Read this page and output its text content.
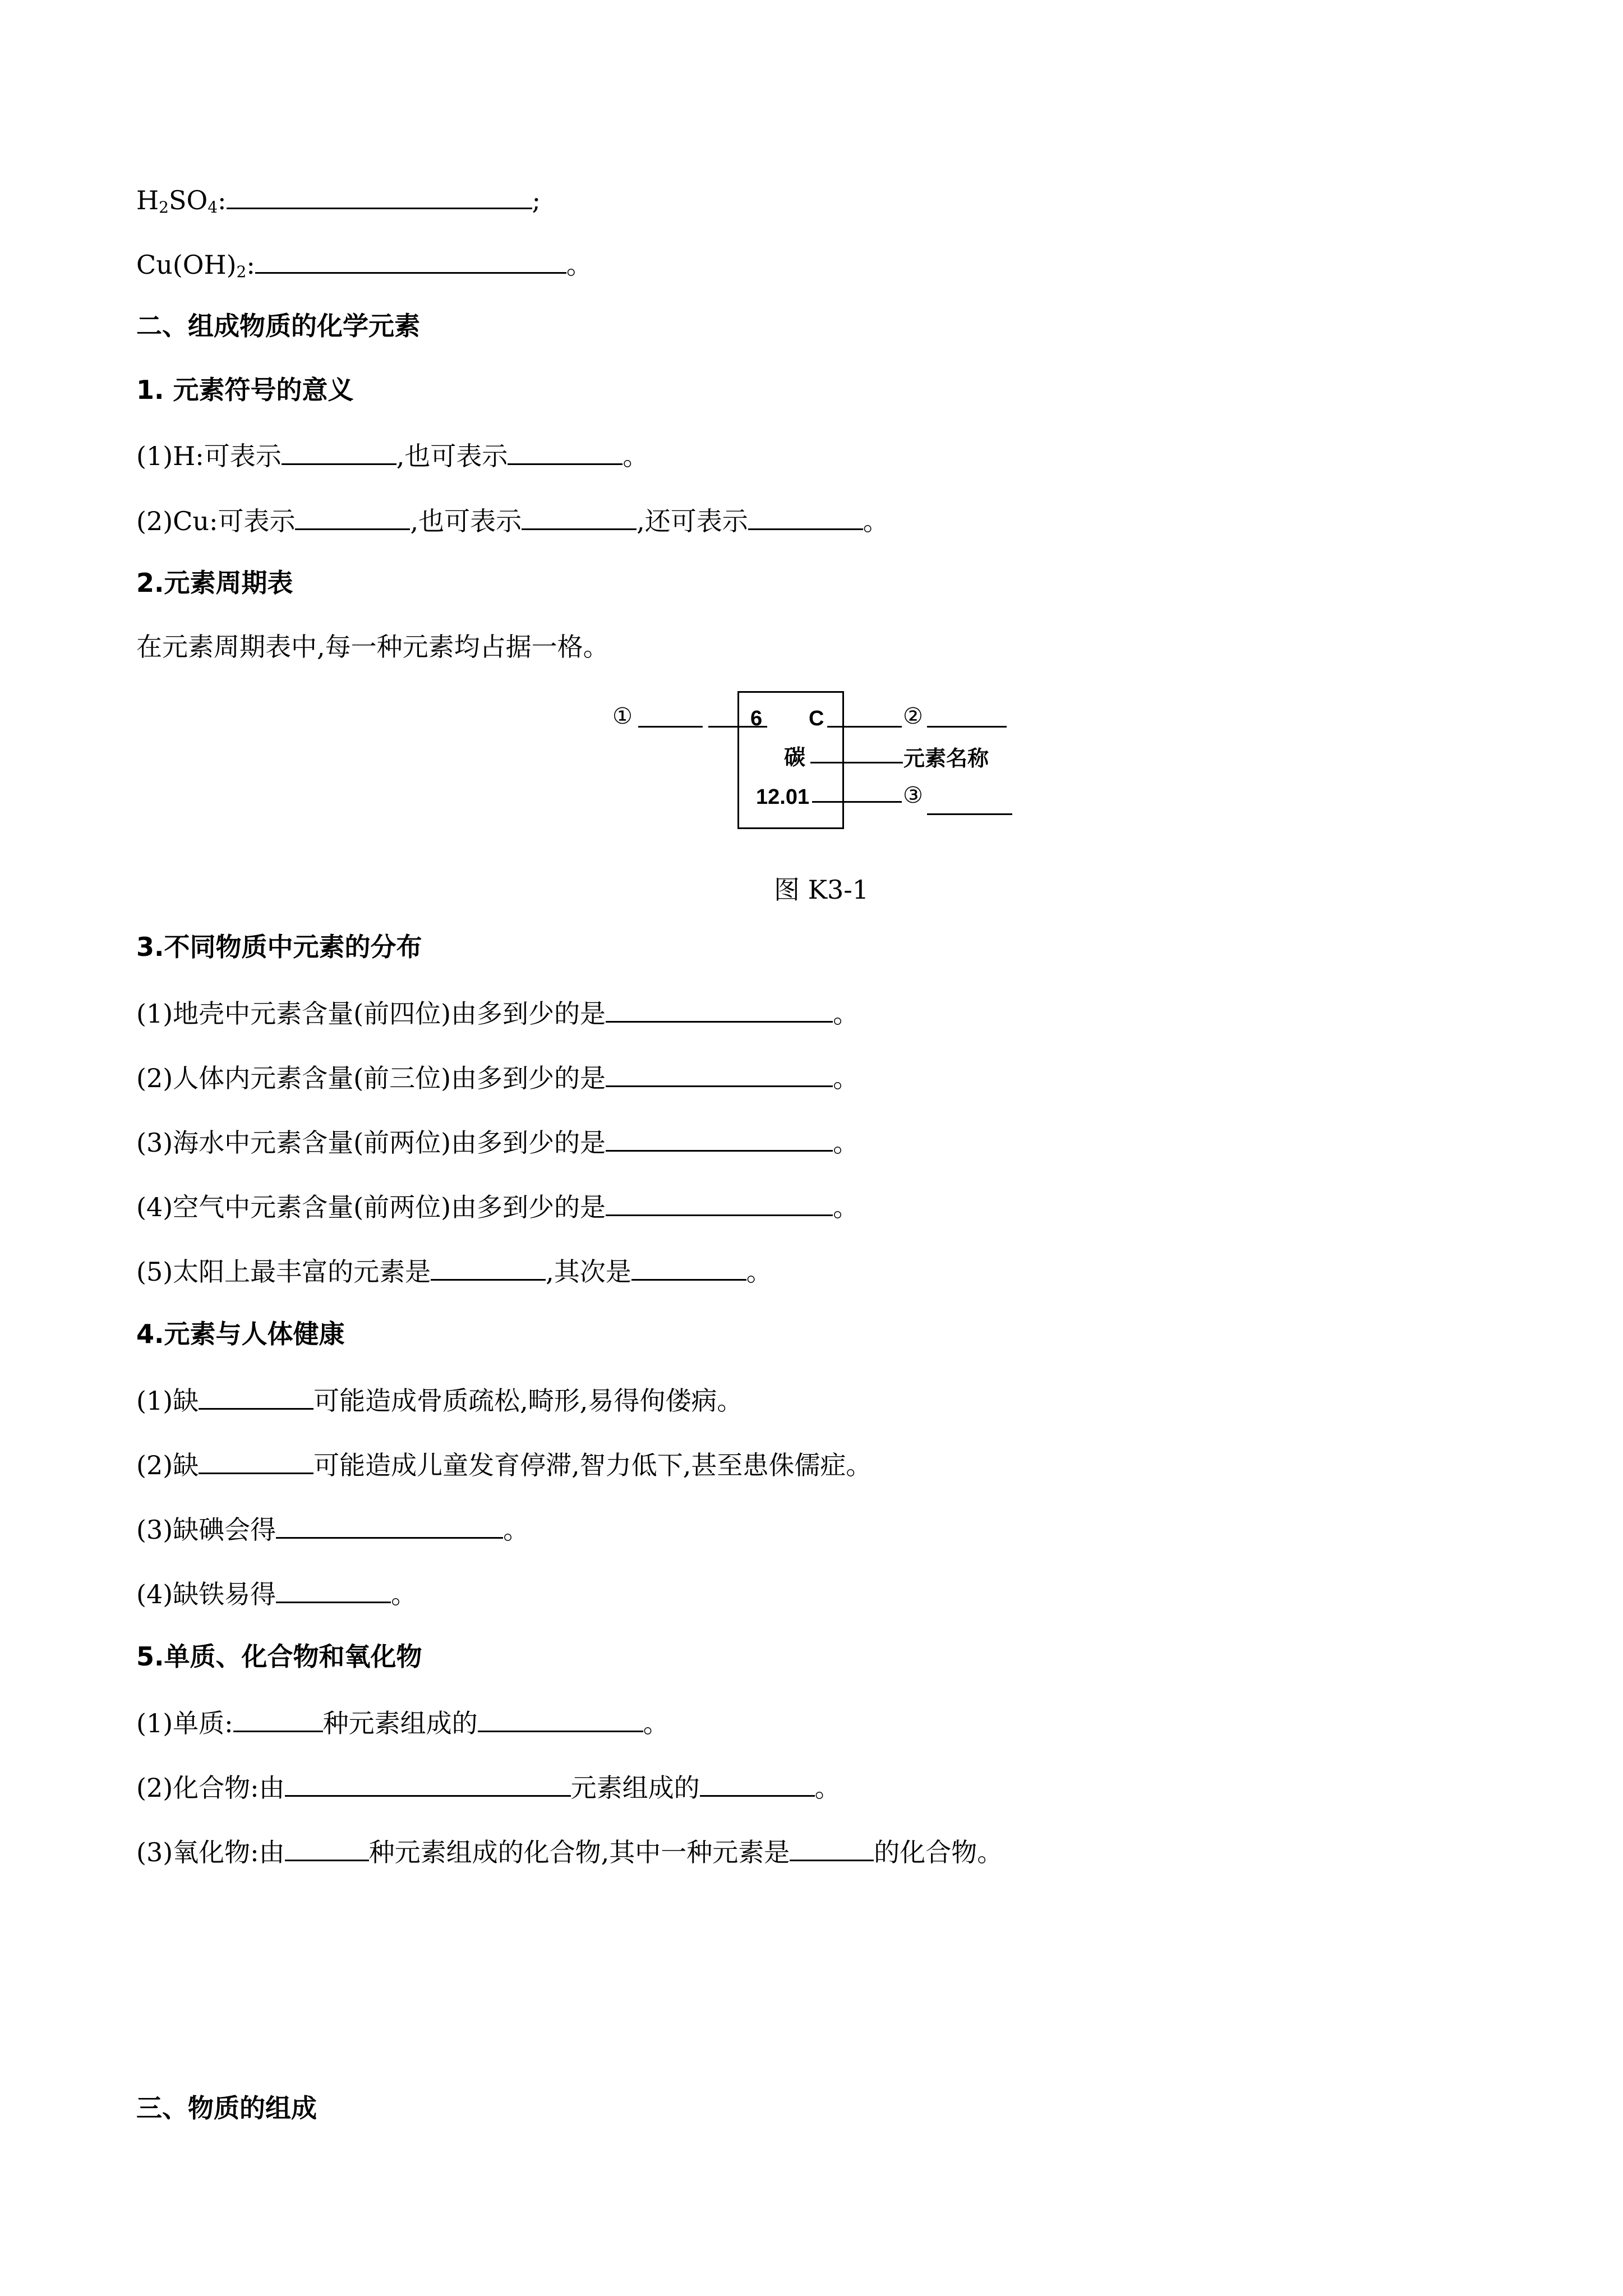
$H_2SO_4$:	;
$Cu(OH)_2$:	。
二、组成物质的化学元素
1. 元素符号的意义
(1)H:可表示	,也可表示	。
(2)Cu:可表示	,也可表示	,还可表示	。
2.元素周期表
在元素周期表中,每一种元素均占据一格。
①	6 C	②
碳	元素名称
12.01	③
图 K3-1
3.不同物质中元素的分布
(1)地壳中元素含量(前四位)由多到少的是	。
(2)人体内元素含量(前三位)由多到少的是	。
(3)海水中元素含量(前两位)由多到少的是	。
(4)空气中元素含量(前两位)由多到少的是	。
(5)太阳上最丰富的元素是	,其次是	。
4.元素与人体健康
(1)缺	可能造成骨质疏松,畸形,易得佝偻病。
(2)缺	可能造成儿童发育停滞,智力低下,甚至患侏儒症。
(3)缺碘会得	。
(4)缺铁易得	。
5.单质、化合物和氧化物
(1)单质:	种元素组成的	。
(2)化合物:由	元素组成的	。
(3)氧化物:由	种元素组成的化合物,其中一种元素是	的化合物。
三、物质的组成
